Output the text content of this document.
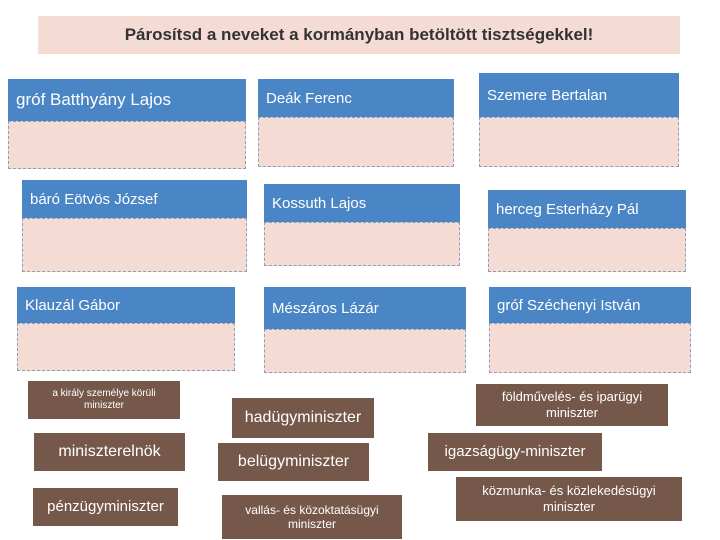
Párosítsd a neveket a kormányban betöltött tisztségekkel!
gróf Batthyány Lajos	Deák Ferenc	Szemere Bertalan
báró Eötvös József	Kossuth Lajos	herceg Esterházy Pál
Klauzál Gábor	Mészáros Lázár	gróf Széchenyi István
a király személye körüli miniszter
hadügyminiszter
földművelés- és iparügyi miniszter
miniszterelnök
belügyminiszter
igazságügy-miniszter
pénzügyminiszter	vallás- és közoktatásügyi miniszter
közmunka- és közlekedésügyi miniszter
